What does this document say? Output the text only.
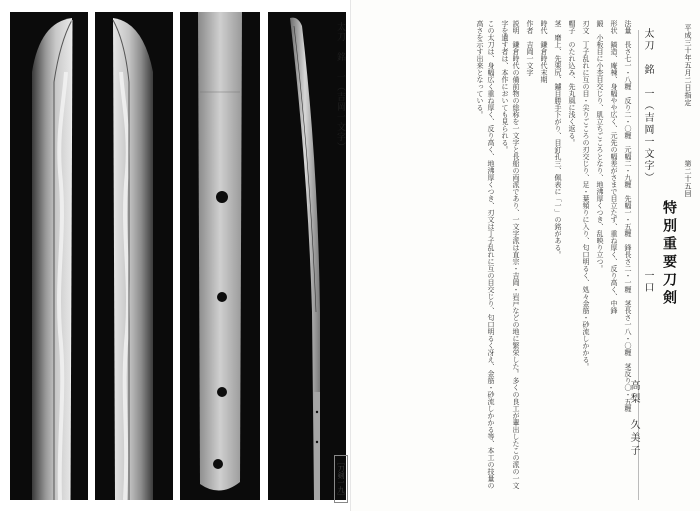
太刀　銘　一（吉岡一文字）
［刀剣一九］
平成三十年五月二日指定
第二十五回
特別重要刀剣
太刀　銘　一（吉岡一文字）
一口

法量　長さ七一・八糎　反り二・〇糎　元幅二・九糎　先幅一・五糎　鋒長さ二・一糎　茎長さ一八・〇糎　茎反り〇・五糎

形状　鎬造、庵棟、身幅やや広く、元先の幅差がさまで目立たず、重ね厚く、反り高く、中鋒

鍛　小板目に小杢目交じり、肌立ちごころとなり、地沸厚くつき、乱映り立つ。

刃文　丁子乱れに互の目・尖りごころの刃交じり、足・葉頻りに入り、匂口明るく、処々金筋・砂流しかかる。

帽子　のたれ込み、先丸風に浅く返る。

茎　磨上、先栗尻、鑢目勝手下がり、目釘孔三、佩表に「一」の銘がある。

時代　鎌倉時代末期

作者　吉岡一文字

説明　鎌倉時代の備前物の総称を一文字と長船の両派であり、一文字派は直宗・吉岡・岩戸などの地に繁栄した。多くの良工が輩出したこの派の一文字を遺す者は、本作においても見られる。

この太刀は、身幅広く重ね厚く、反り高く、地沸厚くつき、刃文は丁子乱れに互の目交じり、匂口明るく冴え、金筋・砂流しかかる等、本工の技量の高さを示す出来となっている。

高梨　久美子
